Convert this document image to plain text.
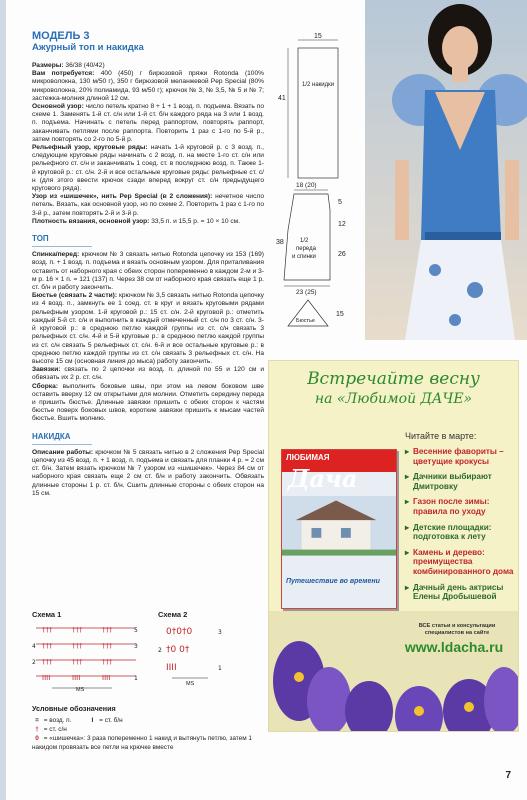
МОДЕЛЬ 3
Ажурный топ и накидка
Размеры: 36/38 (40/42)
Вам потребуется: 400 (450) г бирюзовой пряжи Rotonda (100% микроволокна, 130 м/50 г), 350 г бирюзовой меланжевой Pep Special (80% микроволокна, 20% полиамида, 93 м/50 г); крючок № 3, № 3,5, № 5 и № 7; застежка-молния длиной 12 см.
Основной узор: число петель кратно 8 + 1 + 1 возд. п. подъема. Вязать по схеме 1. Заменять 1-й ст. с/н или 1-й ст. б/н каждого ряда на 3 или 1 возд. п. подъема. Начинать с петель перед раппортом, повторять раппорт, заканчивать петлями после раппорта. Повторить 1 раз с 1-го по 5-й р., затем повторять со 2-го по 5-й р.
Рельефный узор, круговые ряды: начать 1-й круговой р. с 3 возд. п., следующие круговые ряды начинать с 2 возд. п. на месте 1-го ст. с/н или рельефного ст. с/н и заканчивать 1 соед. ст. в последнюю возд. п. Также 1-й круговой р.: ст. с/н. 2-й и все остальные круговые ряды: рельефные ст. с/н (для этого ввести крючок сзади вперед вокруг ст. с/н предыдущего кругового ряда).
Узор из «шишечек», нить Pep Special (в 2 сложения): нечетное число петель. Вязать, как основной узор, но по схеме 2. Повторить 1 раз с 1-го по 3-й р., затем повторять 2-й и 3-й р.
Плотность вязания, основной узор: 33,5 п. и 15,5 р. = 10 × 10 см.
ТОП
Спинка/перед: крючком № 3 связать нитью Rotonda цепочку из 153 (169) возд. п. + 1 возд. п. подъема и вязать основным узором. Для приталивания оставить от наборного края с обеих сторон попеременно в каждом 2-м и 3-м р. 16 × 1 п. = 121 (137) п. Через 38 см от наборного края связать еще 1 р. ст. б/н и работу закончить.
Бюстье (связать 2 части): крючком № 3,5 связать нитью Rotonda цепочку из 4 возд. п., замкнуть ее 1 соед. ст. в круг и вязать круговыми рядами рельефным узором. 1-й круговой р.: 15 ст. с/н. 2-й круговой р.: отметить каждый 5-й ст. с/н и выполнить в каждый отмеченный ст. с/н по 3 ст. с/н. 3-й круговой р.: в среднюю петлю каждой группы из ст. с/н связать 3 рельефных ст. с/н. 4-й и 5-й круговые р.: в среднюю петлю каждой группы из ст. с/н связать 5 рельефных ст. с/н. 6-й и все остальные круговые р.: в среднюю петлю каждой группы из ст. с/н связать 3 рельефных ст. с/н. На высоте 15 см (основная линия до мыса) работу закончить.
Завязки: связать по 2 цепочки из возд. п. длиной по 55 и 120 см и обвязать их 2 р. ст. с/н.
Сборка: выполнить боковые швы, при этом на левом боковом шве оставить вверху 12 см открытыми для молнии. Отметить середину переда и пришить бюстье. Длинные завязки пришить с обеих сторон к частям бюстье поверх боковых швов, короткие завязки пришить к мысам частей бюстье. Вшить молнию.
НАКИДКА
Описание работы: крючком № 5 связать нитью в 2 сложения Pep Special цепочку из 45 возд. п. + 1 возд. п. подъема и связать для планки 4 р. = 2 см ст. б/н. Затем вязать крючком № 7 узором из «шишечек». Через 84 см от наборного края связать еще 2 см ст. б/н и работу закончить. Обвязать длинные стороны 1 р. ст. б/н. Сшить длинные стороны с обеих сторон на 15 см.
15
41
1/2 накидки
18 (20)
38
5
12
26
1/2
переда
и спинки
23 (25)
Бюстье
15
Встречайте весну
на «Любимой ДАЧЕ»
Читайте в марте:
ЛЮБИМАЯ
Дача
Путешествие во времени
▸ Весенние фавориты – цветущие крокусы
▸ Дачники выбирают Дмитровку
▸ Газон после зимы: правила по уходу
▸ Детские площадки: подготовка к лету
▸ Камень и дерево: преимущества комбинированного дома
▸ Дачный день актрисы Елены Дробышевой
ВСЕ статьи и консультации специалистов на сайте
www.ldacha.ru
Схема 1	Схема 2
†††	†††	†††
†††	†††	†††
†††	†††	†††
IIII	IIII	IIII
5
4	3
2
1
MS
0†0†0
†0 0†
IIII
3
2
1
MS
Условные обозначения
= = возд. п.	I = ст. б/н
† = ст. с/н
0 = «шишечка»: 3 раза попеременно 1 накид и вытянуть петлю, затем 1 накидом провязать все петли на крючке вместе
7
